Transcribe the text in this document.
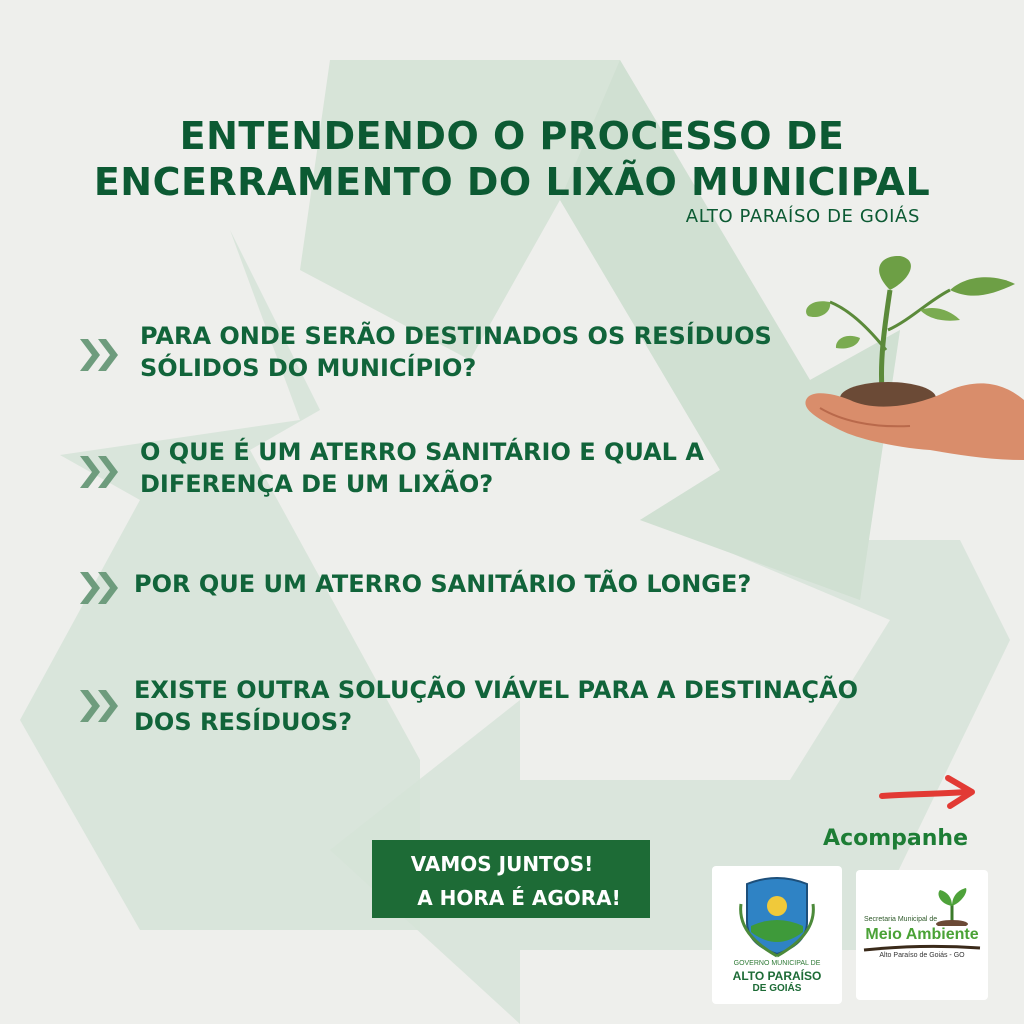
ENTENDENDO O PROCESSO DE
ENCERRAMENTO DO LIXÃO MUNICIPAL
ALTO PARAÍSO DE GOIÁS
PARA ONDE SERÃO DESTINADOS OS RESÍDUOS
SÓLIDOS DO MUNICÍPIO?
O QUE É UM ATERRO SANITÁRIO E QUAL A
DIFERENÇA DE UM LIXÃO?
POR QUE UM ATERRO SANITÁRIO TÃO LONGE?
EXISTE OUTRA SOLUÇÃO VIÁVEL PARA A DESTINAÇÃO
DOS RESÍDUOS?
VAMOS JUNTOS!
A HORA É AGORA!
Acompanhe
GOVERNO MUNICIPAL DE
ALTO PARAÍSO
DE GOIÁS
Secretaria Municipal de
Meio Ambiente
Alto Paraíso de Goiás - GO
